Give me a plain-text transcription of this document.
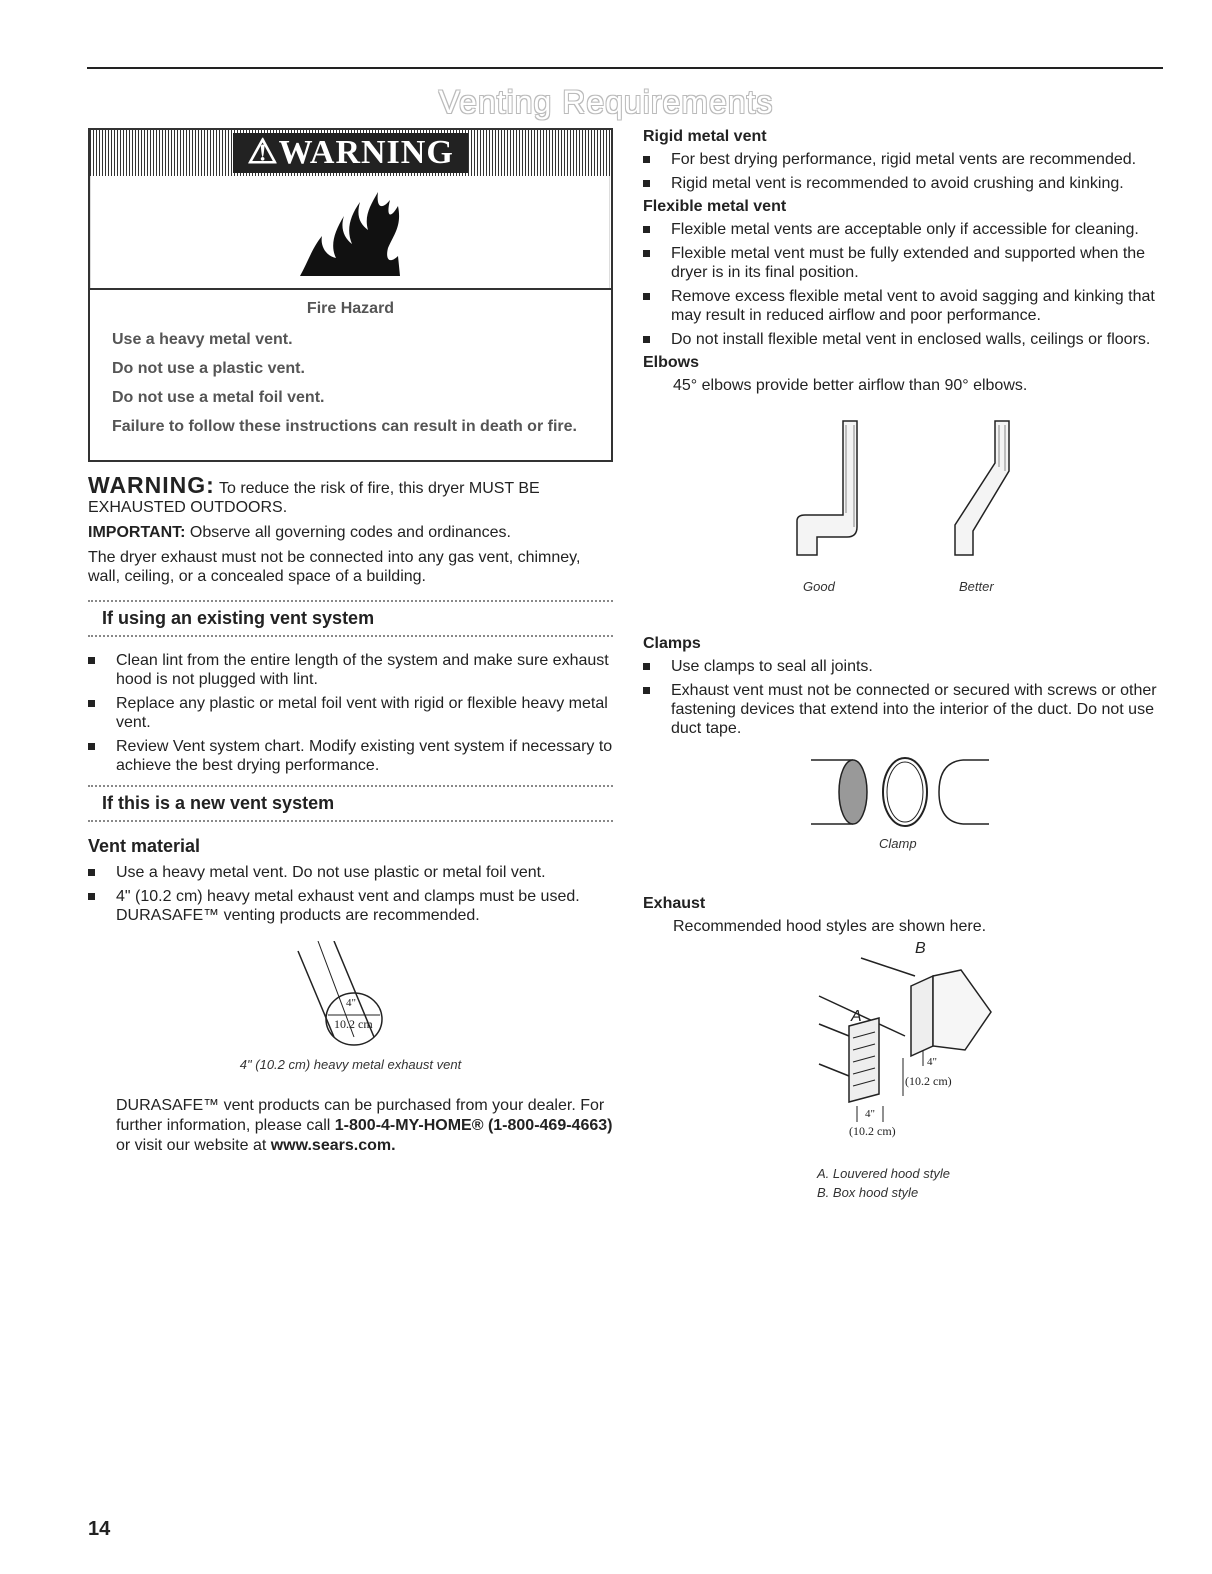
Venting Requirements
⚠WARNING
Fire Hazard

Use a heavy metal vent.

Do not use a plastic vent.

Do not use a metal foil vent.

Failure to follow these instructions can result in death or fire.

WARNING: To reduce the risk of fire, this dryer MUST BE EXHAUSTED OUTDOORS.

IMPORTANT: Observe all governing codes and ordinances.

The dryer exhaust must not be connected into any gas vent, chimney, wall, ceiling, or a concealed space of a building.

If using an existing vent system
Clean lint from the entire length of the system and make sure exhaust hood is not plugged with lint.
Replace any plastic or metal foil vent with rigid or flexible heavy metal vent.
Review Vent system chart. Modify existing vent system if necessary to achieve the best drying performance.
If this is a new vent system
Vent material
Use a heavy metal vent. Do not use plastic or metal foil vent.
4" (10.2 cm) heavy metal exhaust vent and clamps must be used. DURASAFE™ venting products are recommended.
4"
10.2 cm
4" (10.2 cm) heavy metal exhaust vent

DURASAFE™ vent products can be purchased from your dealer. For further information, please call 1-800-4-MY-HOME® (1-800-469-4663) or visit our website at www.sears.com.

Rigid metal vent
For best drying performance, rigid metal vents are recommended.
Rigid metal vent is recommended to avoid crushing and kinking.
Flexible metal vent
Flexible metal vents are acceptable only if accessible for cleaning.
Flexible metal vent must be fully extended and supported when the dryer is in its final position.
Remove excess flexible metal vent to avoid sagging and kinking that may result in reduced airflow and poor performance.
Do not install flexible metal vent in enclosed walls, ceilings or floors.
Elbows

45° elbows provide better airflow than 90° elbows.

Good	Better
Clamps
Use clamps to seal all joints.
Exhaust vent must not be connected or secured with screws or other fastening devices that extend into the interior of the duct. Do not use duct tape.
Clamp
Exhaust

Recommended hood styles are shown here.

B
A
4"
(10.2 cm)
4"
(10.2 cm)
A. Louvered hood style
B. Box hood style
14
